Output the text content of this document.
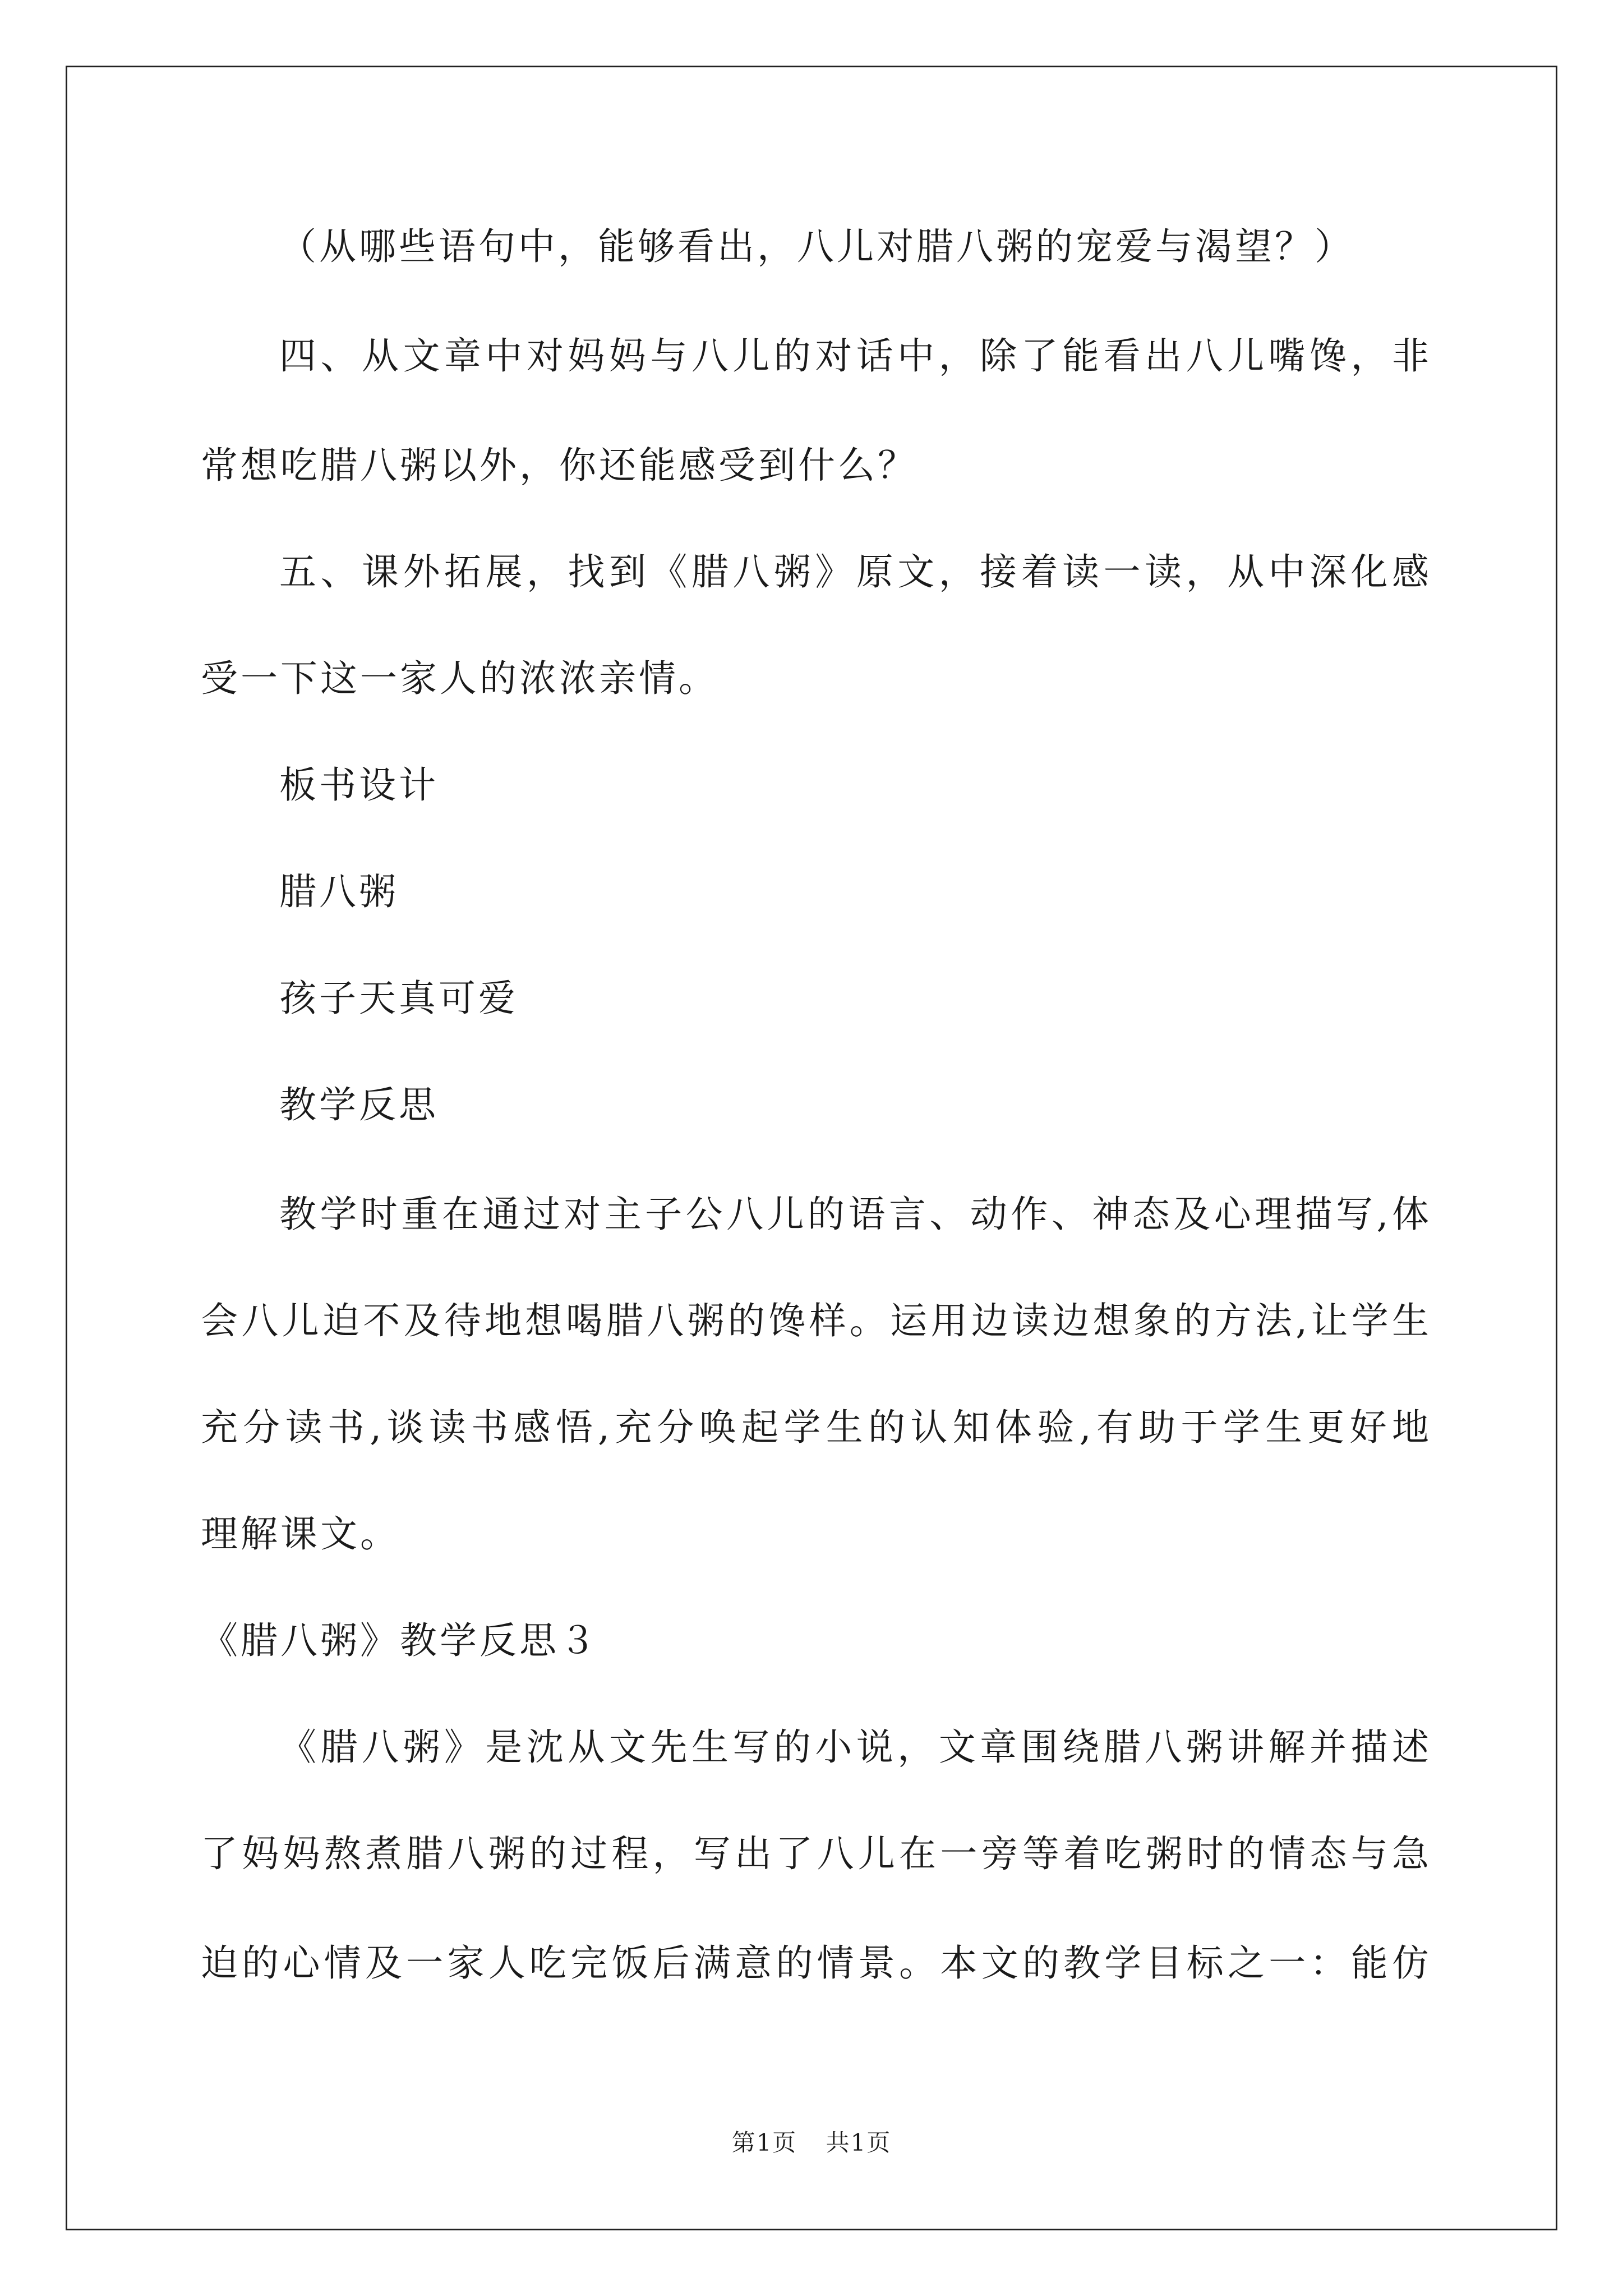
（从哪些语句中，能够看出，八儿对腊八粥的宠爱与渴望？）
四、从文章中对妈妈与八儿的对话中，除了能看出八儿嘴馋，非
常想吃腊八粥以外，你还能感受到什么？
五、课外拓展，找到《腊八粥》原文，接着读一读，从中深化感
受一下这一家人的浓浓亲情。
板书设计
腊八粥
孩子天真可爱
教学反思
教学时重在通过对主子公八儿的语言、动作、神态及心理描写,体
会八儿迫不及待地想喝腊八粥的馋样。运用边读边想象的方法,让学生
充分读书,谈读书感悟,充分唤起学生的认知体验,有助于学生更好地
理解课文。
《腊八粥》教学反思３
《腊八粥》是沈从文先生写的小说，文章围绕腊八粥讲解并描述
了妈妈熬煮腊八粥的过程，写出了八儿在一旁等着吃粥时的情态与急
迫的心情及一家人吃完饭后满意的情景。本文的教学目标之一：能仿
第1页 共1页
